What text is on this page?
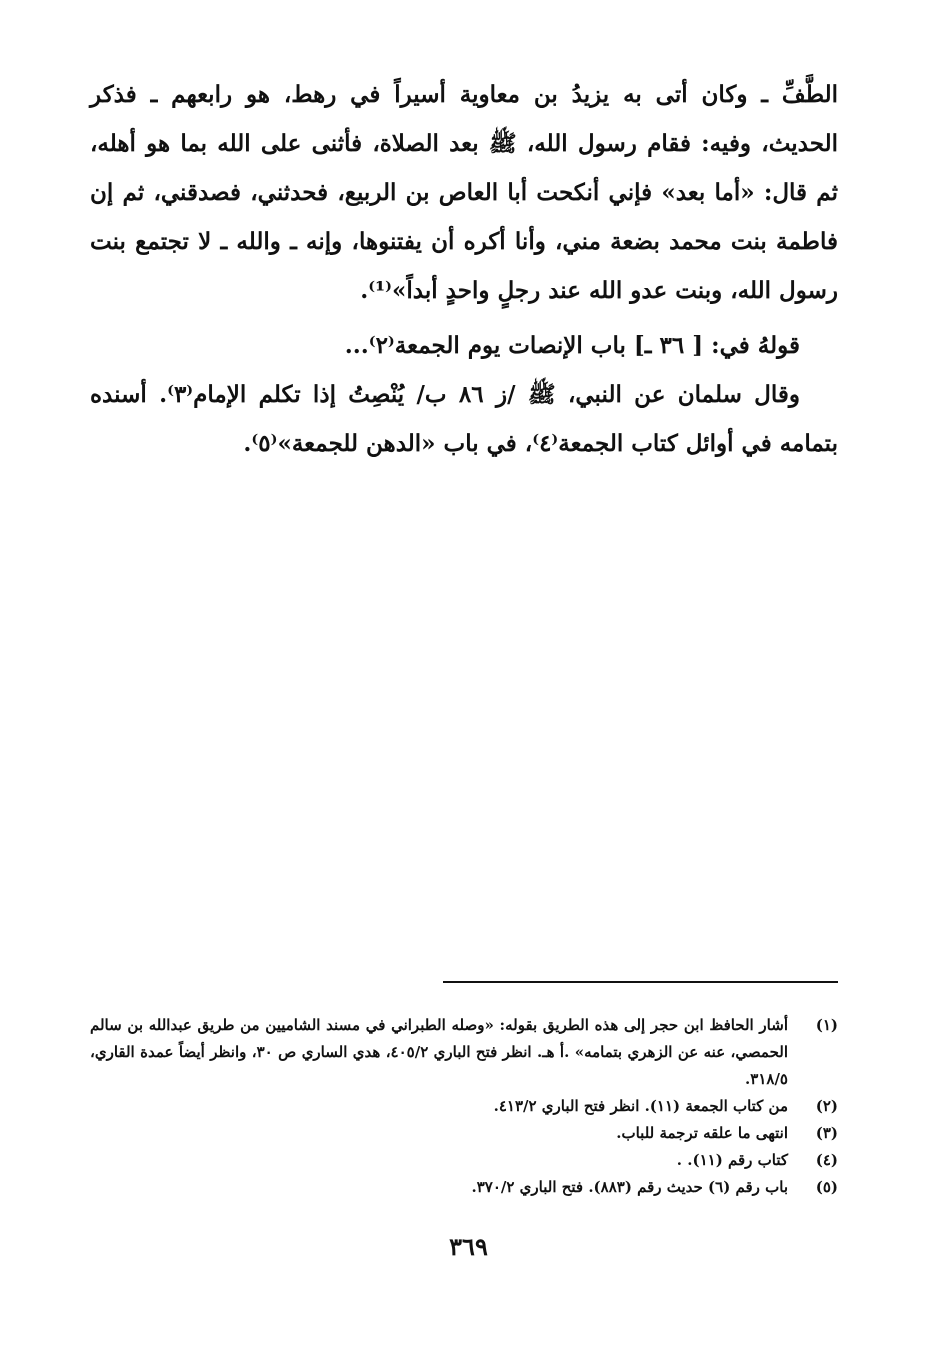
الطَّفِّ ـ وكان أتى به يزيدُ بن معاوية أسيراً في رهط، هو رابعهم ـ فذكر الحديث، وفيه: فقام رسول الله، ﷺ بعد الصلاة، فأثنى على الله بما هو أهله، ثم قال: «أما بعد» فإني أنكحت أبا العاص بن الربيع، فحدثني، فصدقني، ثم إن فاطمة بنت محمد بضعة مني، وأنا أكره أن يفتنوها، وإنه ـ والله ـ لا تجتمع بنت رسول الله، وبنت عدو الله عند رجلٍ واحدٍ أبداً»⁽¹⁾.

قولهُ في: [ ٣٦ ـ] باب الإنصات يوم الجمعة⁽٢⁾...

وقال سلمان عن النبي، ﷺ /ز ٨٦ ب/ يُنْصِتُ إذا تكلم الإمام⁽٣⁾. أسنده بتمامه في أوائل كتاب الجمعة⁽٤⁾، في باب «الدهن للجمعة»⁽٥⁾.

(١)
أشار الحافظ ابن حجر إلى هذه الطريق بقوله: «وصله الطبراني في مسند الشاميين من طريق عبدالله بن سالم الحمصي، عنه عن الزهري بتمامه» .أ هـ. انظر فتح الباري ٤٠٥/٢، هدي الساري ص ٣٠، وانظر أيضاً عمدة القاري، ٣١٨/٥.
(٢)
من كتاب الجمعة (١١). انظر فتح الباري ٤١٣/٢.
(٣)
انتهى ما علقه ترجمة للباب.
(٤)
كتاب رقم (١١). .
(٥)
باب رقم (٦) حديث رقم (٨٨٣). فتح الباري ٣٧٠/٢.
٣٦٩
